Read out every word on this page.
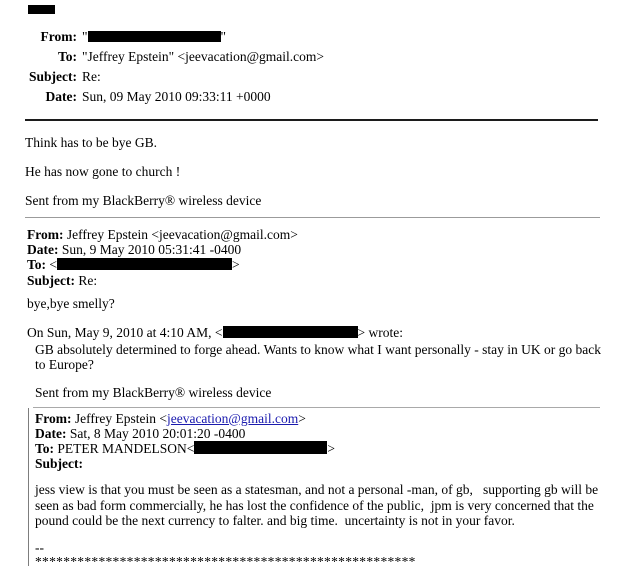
From: "	"
To: "Jeffrey Epstein" <jeevacation@gmail.com>
Subject: Re:
Date: Sun, 09 May 2010 09:33:11 +0000

Think has to be bye GB.

He has now gone to church !

Sent from my BlackBerry® wireless device

From: Jeffrey Epstein <jeevacation@gmail.com>
Date: Sun, 9 May 2010 05:31:41 -0400
To: <	>
Subject: Re:
bye,bye smelly?
On Sun, May 9, 2010 at 4:10 AM, <	> wrote:

GB absolutely determined to forge ahead. Wants to know what I want personally - stay in UK or go back to Europe?

Sent from my BlackBerry® wireless device

From: Jeffrey Epstein <jeevacation@gmail.com>
Date: Sat, 8 May 2010 20:01:20 -0400
To: PETER MANDELSON<	>
Subject:
jess view is that you must be seen as a statesman, and not a personal -man, of gb,   supporting gb will be seen as bad form commercially, he has lost the confidence of the public,  jpm is very concerned that the pound could be the next currency to falter. and big time.  uncertainty is not in your favor.
--
******************************************************
